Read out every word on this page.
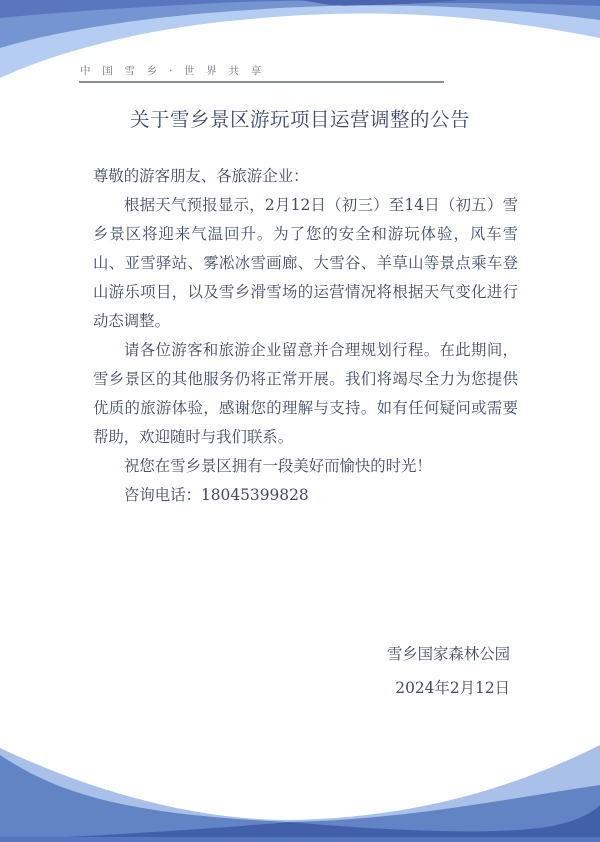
中 国 雪 乡 · 世 界 共 享
关于雪乡景区游玩项目运营调整的公告

尊敬的游客朋友、各旅游企业：

根据天气预报显示，2月12日（初三）至14日（初五）雪乡景区将迎来气温回升。为了您的安全和游玩体验，风车雪山、亚雪驿站、雾凇冰雪画廊、大雪谷、羊草山等景点乘车登山游乐项目，以及雪乡滑雪场的运营情况将根据天气变化进行动态调整。

请各位游客和旅游企业留意并合理规划行程。在此期间，雪乡景区的其他服务仍将正常开展。我们将竭尽全力为您提供优质的旅游体验，感谢您的理解与支持。如有任何疑问或需要帮助，欢迎随时与我们联系。

祝您在雪乡景区拥有一段美好而愉快的时光！

咨询电话：18045399828

雪乡国家森林公园
2024年2月12日
